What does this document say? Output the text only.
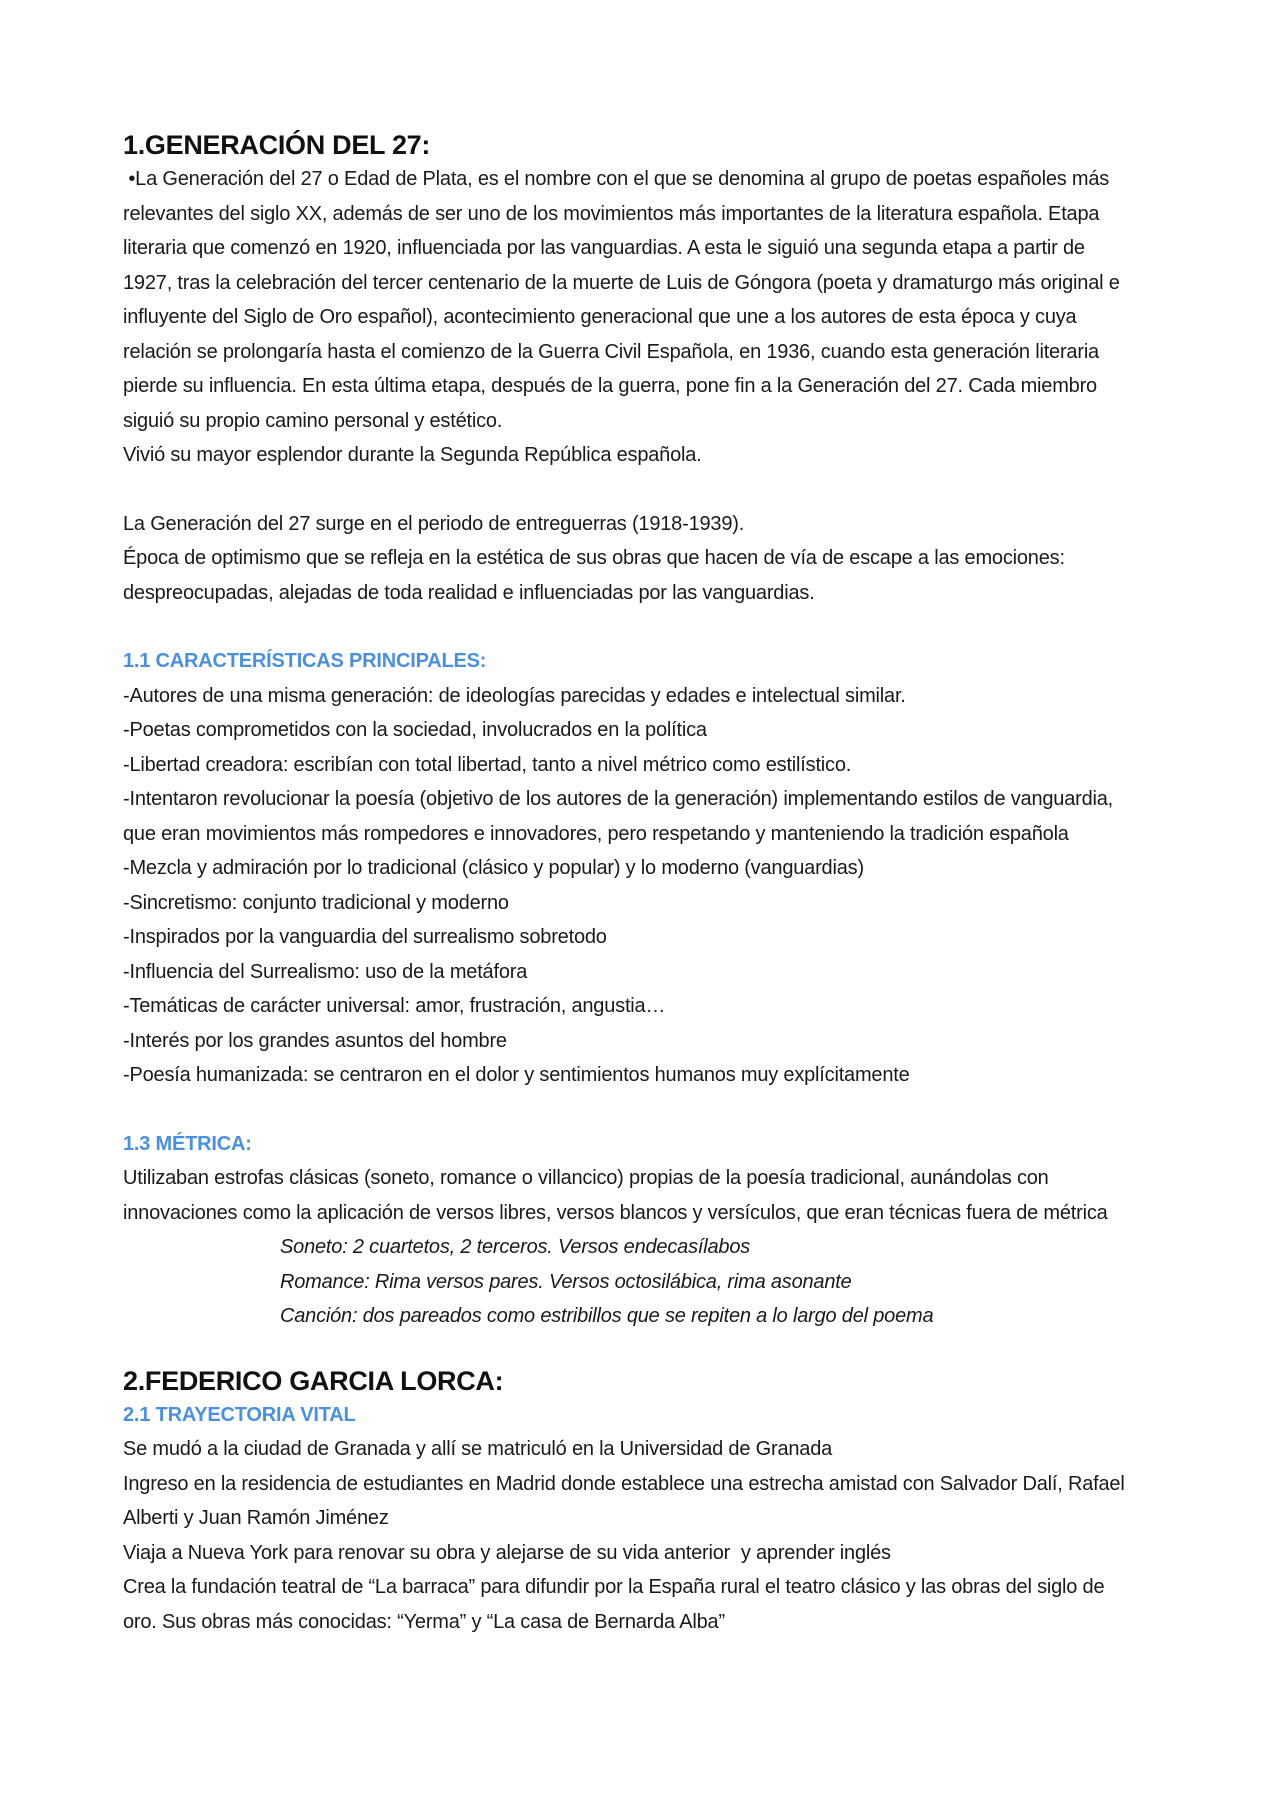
1.GENERACIÓN DEL 27:

•La Generación del 27 o Edad de Plata, es el nombre con el que se denomina al grupo de poetas españoles más

relevantes del siglo XX, además de ser uno de los movimientos más importantes de la literatura española. Etapa

literaria que comenzó en 1920, influenciada por las vanguardias. A esta le siguió una segunda etapa a partir de

1927, tras la celebración del tercer centenario de la muerte de Luis de Góngora (poeta y dramaturgo más original e

influyente del Siglo de Oro español), acontecimiento generacional que une a los autores de esta época y cuya

relación se prolongaría hasta el comienzo de la Guerra Civil Española, en 1936, cuando esta generación literaria

pierde su influencia. En esta última etapa, después de la guerra, pone fin a la Generación del 27. Cada miembro

siguió su propio camino personal y estético.

Vivió su mayor esplendor durante la Segunda República española.

La Generación del 27 surge en el periodo de entreguerras (1918-1939).

Época de optimismo que se refleja en la estética de sus obras que hacen de vía de escape a las emociones:

despreocupadas, alejadas de toda realidad e influenciadas por las vanguardias.

1.1 CARACTERÍSTICAS PRINCIPALES:

-Autores de una misma generación: de ideologías parecidas y edades e intelectual similar.

-Poetas comprometidos con la sociedad, involucrados en la política

-Libertad creadora: escribían con total libertad, tanto a nivel métrico como estilístico.

-Intentaron revolucionar la poesía (objetivo de los autores de la generación) implementando estilos de vanguardia,

que eran movimientos más rompedores e innovadores, pero respetando y manteniendo la tradición española

-Mezcla y admiración por lo tradicional (clásico y popular) y lo moderno (vanguardias)

-Sincretismo: conjunto tradicional y moderno

-Inspirados por la vanguardia del surrealismo sobretodo

-Influencia del Surrealismo: uso de la metáfora

-Temáticas de carácter universal: amor, frustración, angustia…

-Interés por los grandes asuntos del hombre

-Poesía humanizada: se centraron en el dolor y sentimientos humanos muy explícitamente

1.3 MÉTRICA:

Utilizaban estrofas clásicas (soneto, romance o villancico) propias de la poesía tradicional, aunándolas con

innovaciones como la aplicación de versos libres, versos blancos y versículos, que eran técnicas fuera de métrica

Soneto: 2 cuartetos, 2 terceros. Versos endecasílabos

Romance: Rima versos pares. Versos octosilábica, rima asonante

Canción: dos pareados como estribillos que se repiten a lo largo del poema

2.FEDERICO GARCIA LORCA:
2.1 TRAYECTORIA VITAL

Se mudó a la ciudad de Granada y allí se matriculó en la Universidad de Granada

Ingreso en la residencia de estudiantes en Madrid donde establece una estrecha amistad con Salvador Dalí, Rafael

Alberti y Juan Ramón Jiménez

Viaja a Nueva York para renovar su obra y alejarse de su vida anterior  y aprender inglés

Crea la fundación teatral de “La barraca” para difundir por la España rural el teatro clásico y las obras del siglo de

oro. Sus obras más conocidas: “Yerma” y “La casa de Bernarda Alba”
